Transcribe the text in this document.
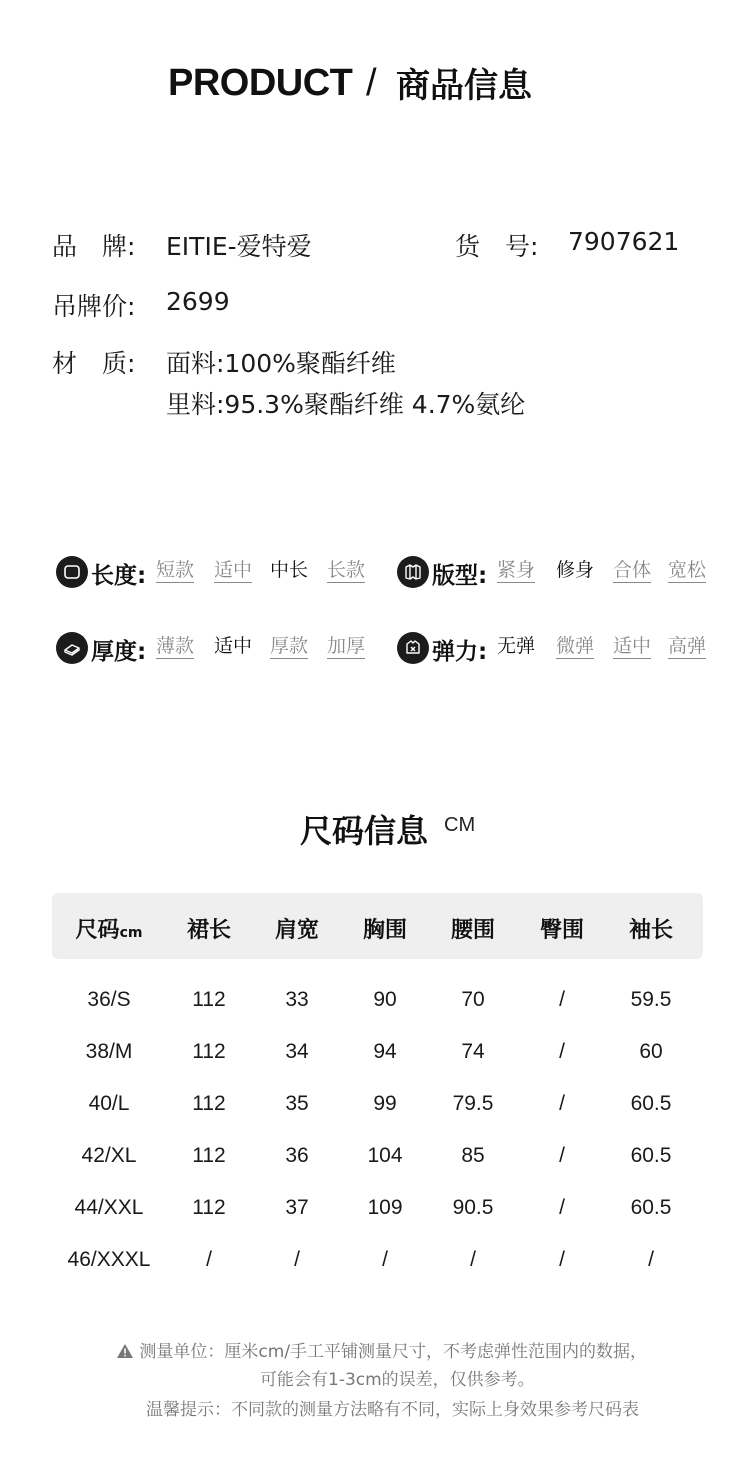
PRODUCT / 商品信息
品　牌: EITIE-爱特爱	货　号: 7907621
吊牌价: 2699
材　质: 面料:100%聚酯纤维
里料:95.3%聚酯纤维 4.7%氨纶
长度: 短款 适中 中长 长款	版型: 紧身 修身 合体 宽松
厚度: 薄款 适中 厚款 加厚	弹力: 无弹 微弹 适中 高弹
尺码信息 CM
测量单位：厘米cm/手工平铺测量尺寸，不考虑弹性范围内的数据，
可能会有1-3cm的误差，仅供参考。
温馨提示：不同款的测量方法略有不同，实际上身效果参考尺码表
尺码cm	裙长	肩宽	胸围	腰围	臀围	袖长
36/S	112	33	90	70	/	59.5
38/M	112	34	94	74	/	60
40/L	112	35	99	79.5	/	60.5
42/XL	112	36	104	85	/	60.5
44/XXL	112	37	109	90.5	/	60.5
46/XXXL	/	/	/	/	/	/
